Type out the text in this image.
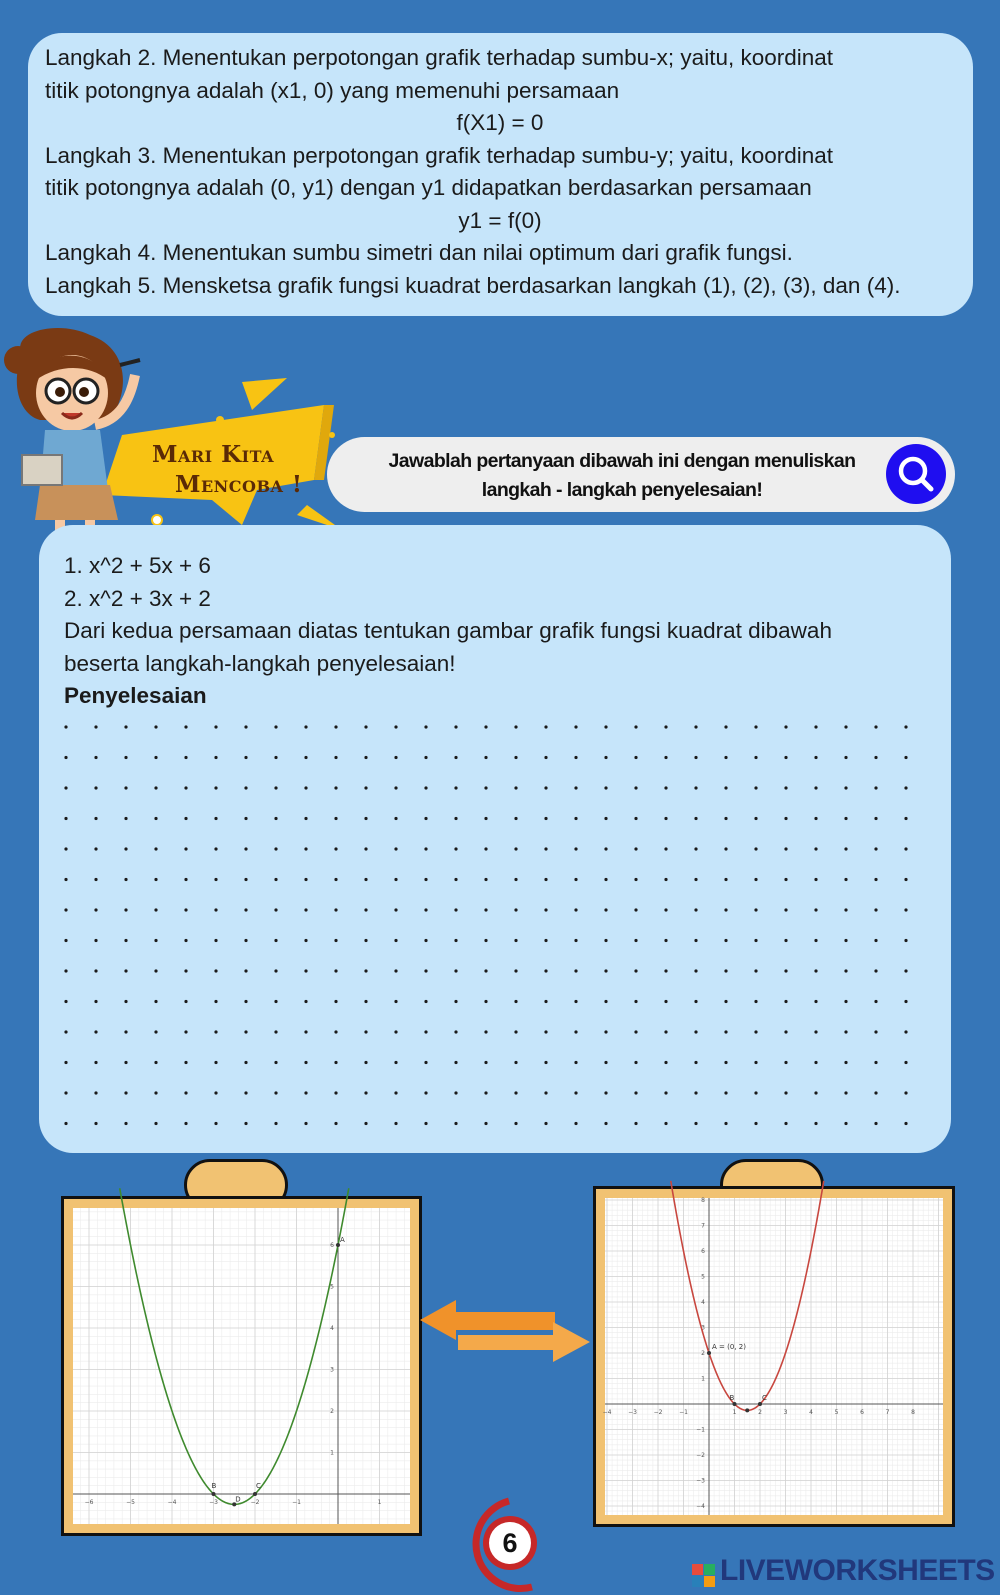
Langkah 2. Menentukan perpotongan grafik terhadap sumbu-x; yaitu, koordinat
titik potongnya adalah (x1, 0) yang memenuhi persamaan
f(X1) = 0
Langkah 3. Menentukan perpotongan grafik terhadap sumbu-y; yaitu, koordinat
titik potongnya adalah (0, y1) dengan y1 didapatkan berdasarkan persamaan
y1 = f(0)
Langkah 4. Menentukan sumbu simetri dan nilai optimum dari grafik fungsi.
Langkah 5. Mensketsa grafik fungsi kuadrat berdasarkan langkah (1), (2), (3), dan (4).
Mari Kita
Mencoba !
Jawablah pertanyaan dibawah ini dengan menuliskan
langkah - langkah penyelesaian!
1. x^2 + 5x + 6
2. x^2 + 3x + 2
Dari kedua persamaan diatas tentukan gambar grafik fungsi kuadrat dibawah
beserta langkah-langkah penyelesaian!
Penyelesaian
−6	−5	−4	−3	−2	−1	1
1
2
3
4
5
6
A
B	C
D
−4	−3	−2	−1	1	2	3	4	5	6	7	8
−4
−3
−2
−1
1
2
3
4
5
6
7
8
A = (0, 2)
B	C
6
LIVEWORKSHEETS
